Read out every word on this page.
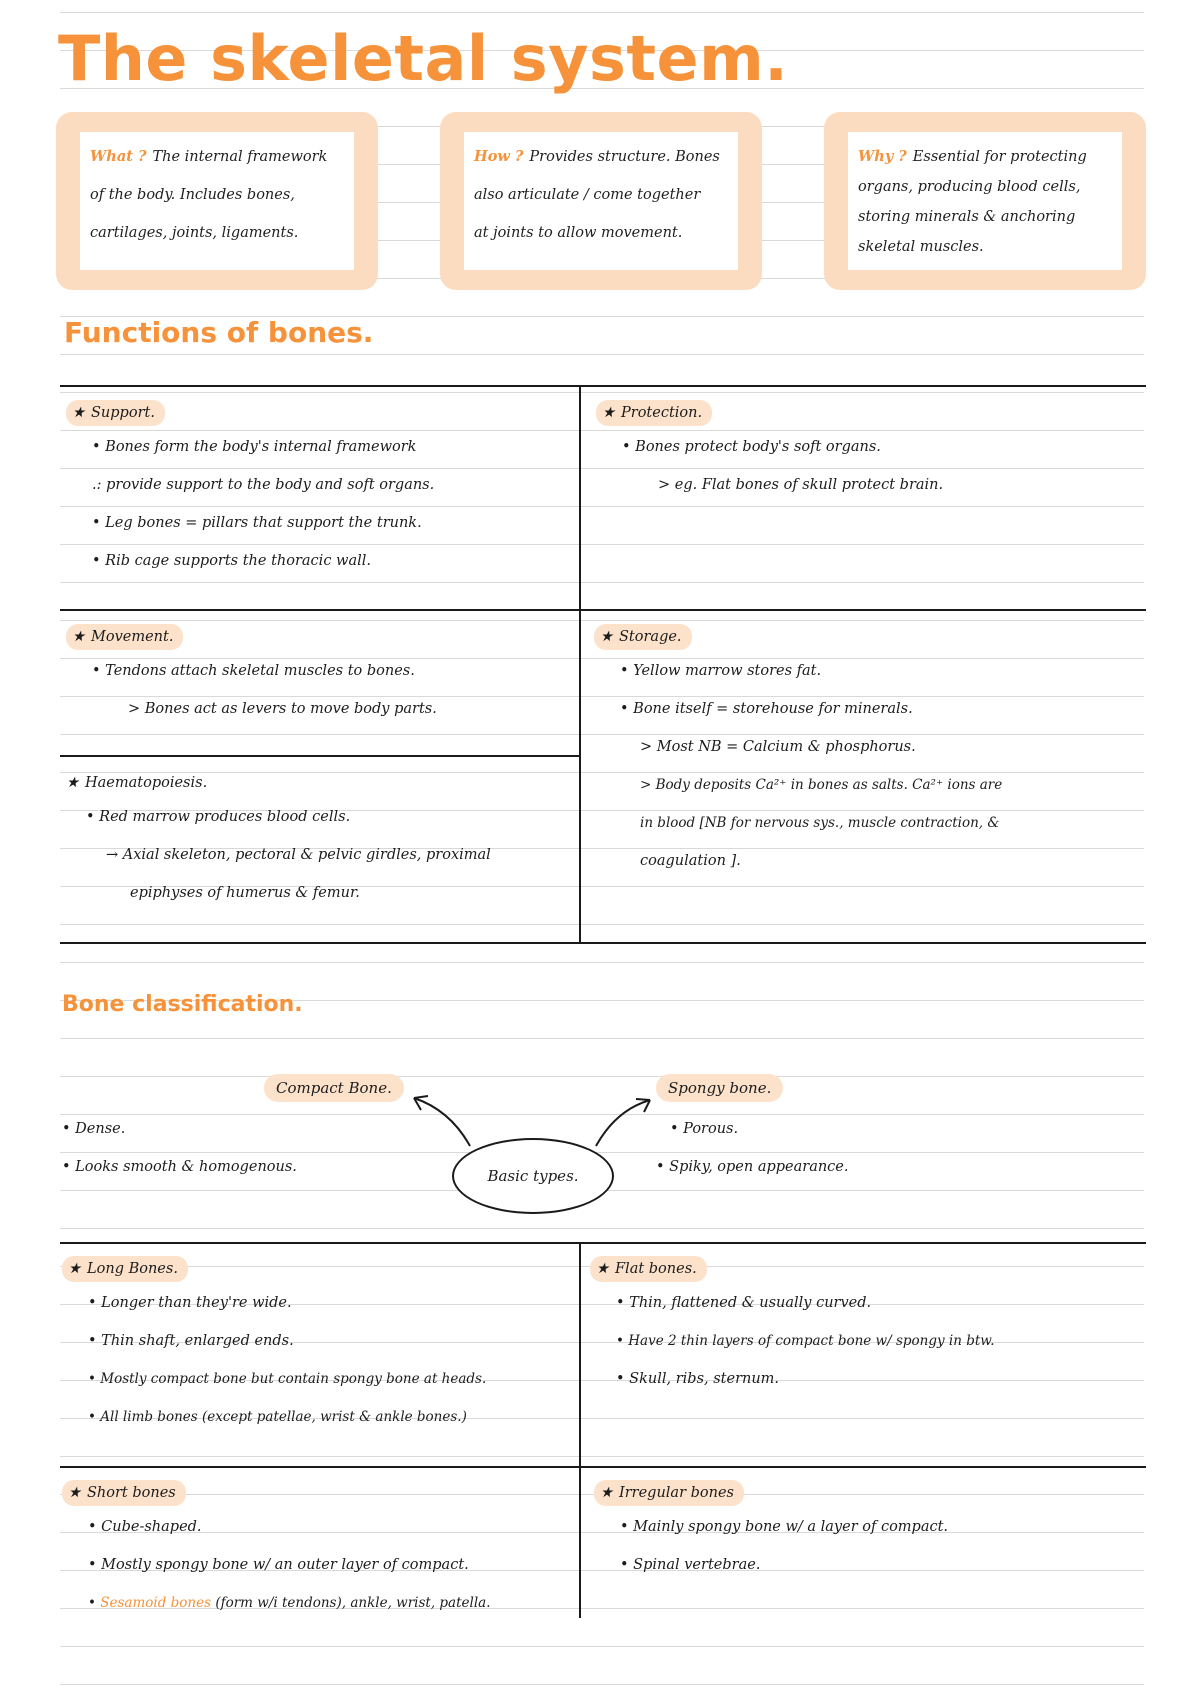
The skeletal system.
What ? The internal framework
of the body. Includes bones,
cartilages, joints, ligaments.
How ? Provides structure. Bones
also articulate / come together
at joints to allow movement.
Why ? Essential for protecting
organs, producing blood cells,
storing minerals & anchoring
skeletal muscles.
Functions of bones.
★ Support.
• Bones form the body's internal framework
.: provide support to the body and soft organs.
• Leg bones = pillars that support the trunk.
• Rib cage supports the thoracic wall.
★ Protection.
• Bones protect body's soft organs.
> eg. Flat bones of skull protect brain.
★ Movement.
• Tendons attach skeletal muscles to bones.
> Bones act as levers to move body parts.
★ Storage.
• Yellow marrow stores fat.
• Bone itself = storehouse for minerals.
> Most NB = Calcium & phosphorus.
> Body deposits Ca²⁺ in bones as salts. Ca²⁺ ions are
in blood [NB for nervous sys., muscle contraction, &
coagulation ].
★ Haematopoiesis.
• Red marrow produces blood cells.
→ Axial skeleton, pectoral & pelvic girdles, proximal
epiphyses of humerus & femur.
Bone classification.
Compact Bone.	Spongy bone.
Basic types.
• Dense.
• Looks smooth & homogenous.
• Porous.
• Spiky, open appearance.
★ Long Bones.
• Longer than they're wide.
• Thin shaft, enlarged ends.
• Mostly compact bone but contain spongy bone at heads.
• All limb bones (except patellae, wrist & ankle bones.)
★ Flat bones.
• Thin, flattened & usually curved.
• Have 2 thin layers of compact bone w/ spongy in btw.
• Skull, ribs, sternum.
★ Short bones
• Cube-shaped.
• Mostly spongy bone w/ an outer layer of compact.
• Sesamoid bones (form w/i tendons), ankle, wrist, patella.
★ Irregular bones
• Mainly spongy bone w/ a layer of compact.
• Spinal vertebrae.
